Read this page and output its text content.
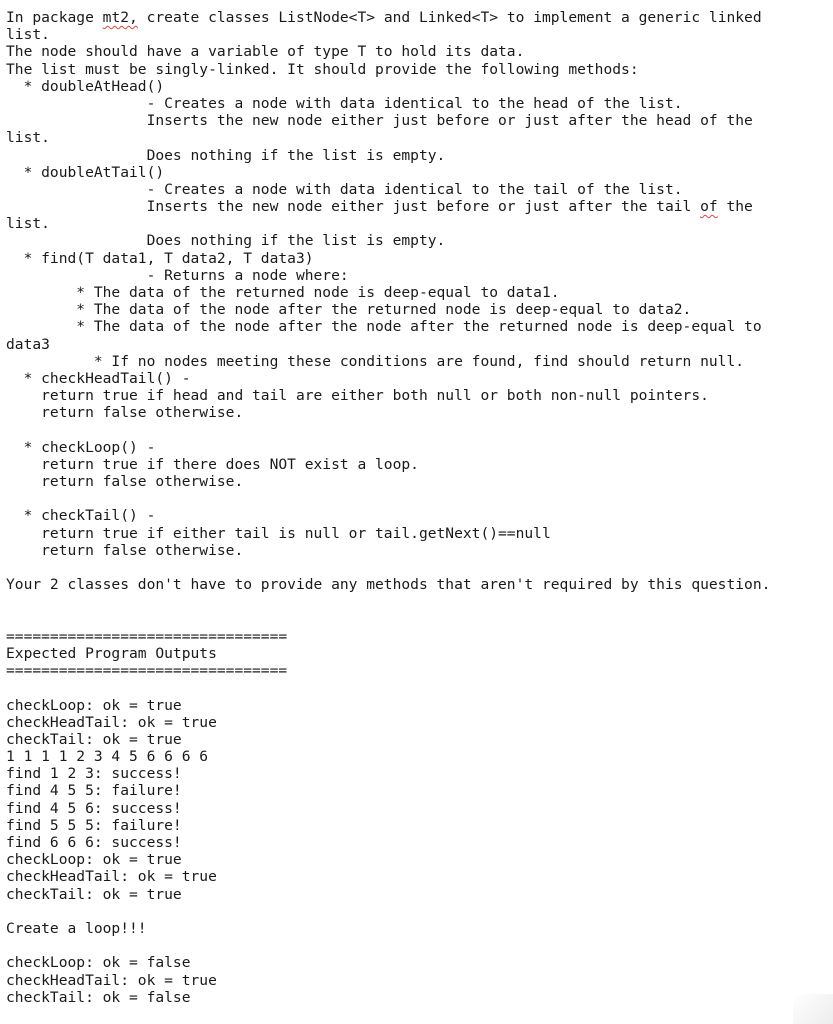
In package mt2, create classes ListNode<T> and Linked<T> to implement a generic linked
list.
The node should have a variable of type T to hold its data.
The list must be singly-linked. It should provide the following methods:
* doubleAtHead()
- Creates a node with data identical to the head of the list.
Inserts the new node either just before or just after the head of the
list.
Does nothing if the list is empty.
* doubleAtTail()
- Creates a node with data identical to the tail of the list.
Inserts the new node either just before or just after the tail of the
list.
Does nothing if the list is empty.
* find(T data1, T data2, T data3)
- Returns a node where:
* The data of the returned node is deep-equal to data1.
* The data of the node after the returned node is deep-equal to data2.
* The data of the node after the node after the returned node is deep-equal to
data3
* If no nodes meeting these conditions are found, find should return null.
* checkHeadTail() -
return true if head and tail are either both null or both non-null pointers.
return false otherwise.
* checkLoop() -
return true if there does NOT exist a loop.
return false otherwise.
* checkTail() -
return true if either tail is null or tail.getNext()==null
return false otherwise.
Your 2 classes don't have to provide any methods that aren't required by this question.
================================
Expected Program Outputs
================================
checkLoop: ok = true
checkHeadTail: ok = true
checkTail: ok = true
1 1 1 1 2 3 4 5 6 6 6 6
find 1 2 3: success!
find 4 5 5: failure!
find 4 5 6: success!
find 5 5 5: failure!
find 6 6 6: success!
checkLoop: ok = true
checkHeadTail: ok = true
checkTail: ok = true
Create a loop!!!
checkLoop: ok = false
checkHeadTail: ok = true
checkTail: ok = false
